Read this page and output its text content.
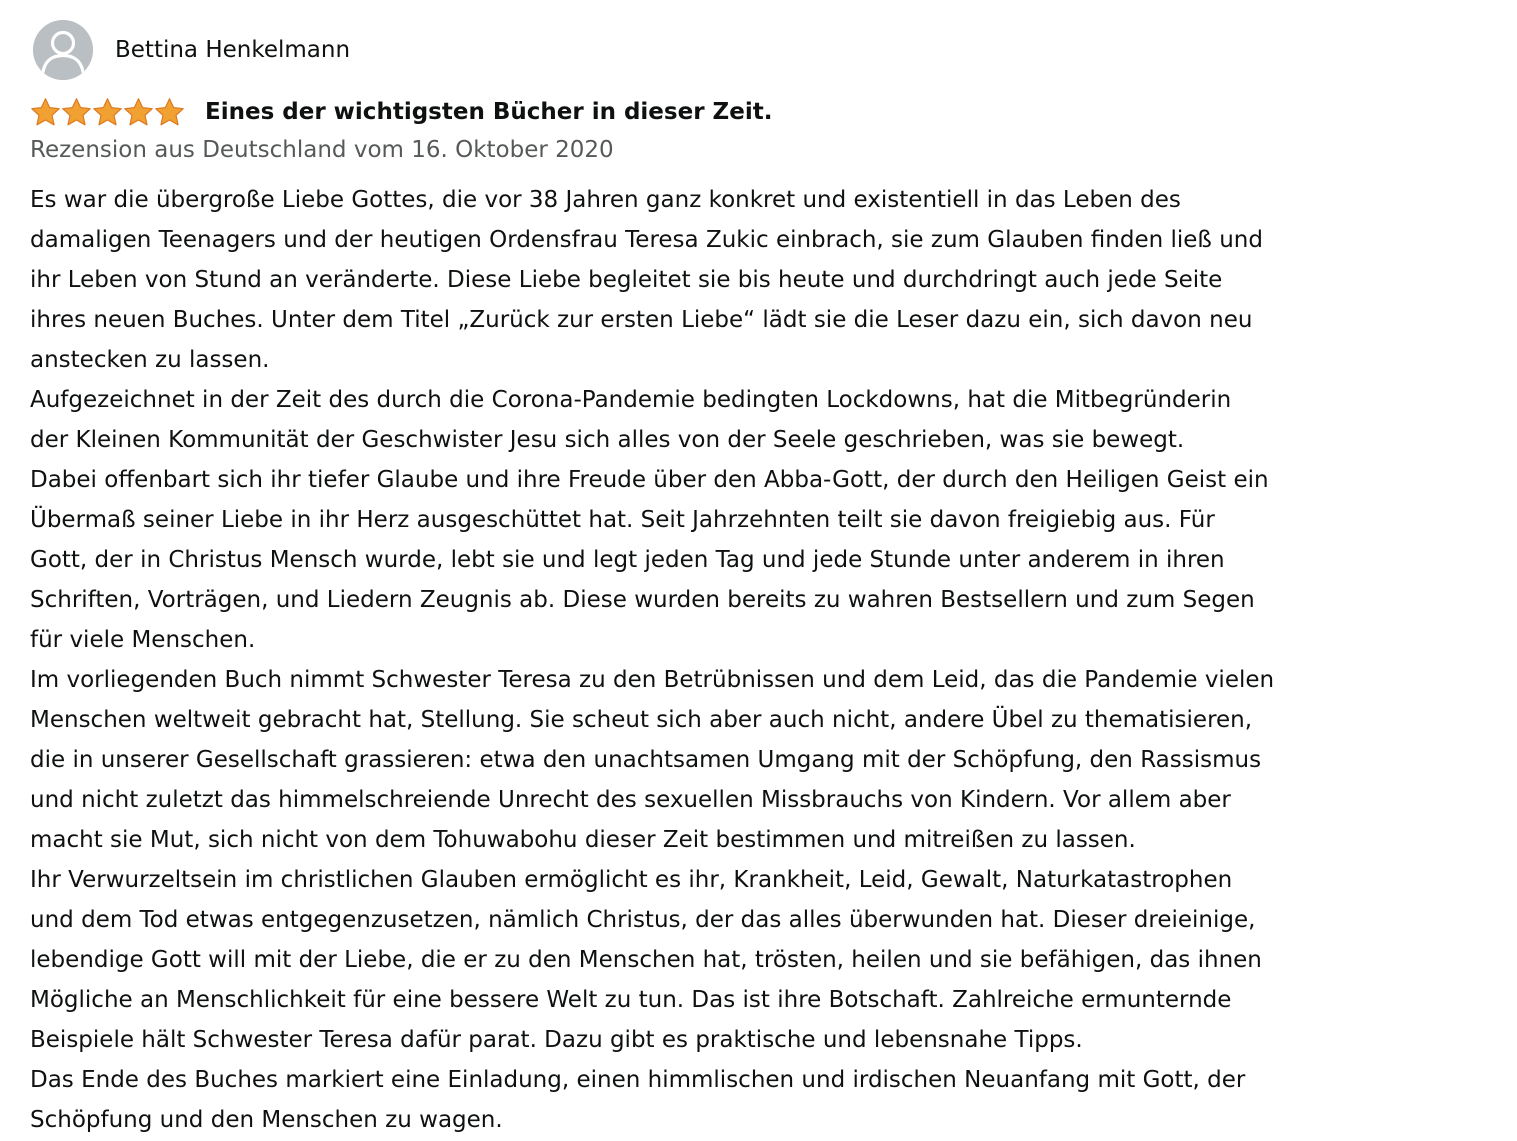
Bettina Henkelmann
Eines der wichtigsten Bücher in dieser Zeit.
Rezension aus Deutschland vom 16. Oktober 2020
Es war die übergroße Liebe Gottes, die vor 38 Jahren ganz konkret und existentiell in das Leben des
damaligen Teenagers und der heutigen Ordensfrau Teresa Zukic einbrach, sie zum Glauben finden ließ und
ihr Leben von Stund an veränderte. Diese Liebe begleitet sie bis heute und durchdringt auch jede Seite
ihres neuen Buches. Unter dem Titel „Zurück zur ersten Liebe“ lädt sie die Leser dazu ein, sich davon neu
anstecken zu lassen.
Aufgezeichnet in der Zeit des durch die Corona-Pandemie bedingten Lockdowns, hat die Mitbegründerin
der Kleinen Kommunität der Geschwister Jesu sich alles von der Seele geschrieben, was sie bewegt.
Dabei offenbart sich ihr tiefer Glaube und ihre Freude über den Abba-Gott, der durch den Heiligen Geist ein
Übermaß seiner Liebe in ihr Herz ausgeschüttet hat. Seit Jahrzehnten teilt sie davon freigiebig aus. Für
Gott, der in Christus Mensch wurde, lebt sie und legt jeden Tag und jede Stunde unter anderem in ihren
Schriften, Vorträgen, und Liedern Zeugnis ab. Diese wurden bereits zu wahren Bestsellern und zum Segen
für viele Menschen.
Im vorliegenden Buch nimmt Schwester Teresa zu den Betrübnissen und dem Leid, das die Pandemie vielen
Menschen weltweit gebracht hat, Stellung. Sie scheut sich aber auch nicht, andere Übel zu thematisieren,
die in unserer Gesellschaft grassieren: etwa den unachtsamen Umgang mit der Schöpfung, den Rassismus
und nicht zuletzt das himmelschreiende Unrecht des sexuellen Missbrauchs von Kindern. Vor allem aber
macht sie Mut, sich nicht von dem Tohuwabohu dieser Zeit bestimmen und mitreißen zu lassen.
Ihr Verwurzeltsein im christlichen Glauben ermöglicht es ihr, Krankheit, Leid, Gewalt, Naturkatastrophen
und dem Tod etwas entgegenzusetzen, nämlich Christus, der das alles überwunden hat. Dieser dreieinige,
lebendige Gott will mit der Liebe, die er zu den Menschen hat, trösten, heilen und sie befähigen, das ihnen
Mögliche an Menschlichkeit für eine bessere Welt zu tun. Das ist ihre Botschaft. Zahlreiche ermunternde
Beispiele hält Schwester Teresa dafür parat. Dazu gibt es praktische und lebensnahe Tipps.
Das Ende des Buches markiert eine Einladung, einen himmlischen und irdischen Neuanfang mit Gott, der
Schöpfung und den Menschen zu wagen.
